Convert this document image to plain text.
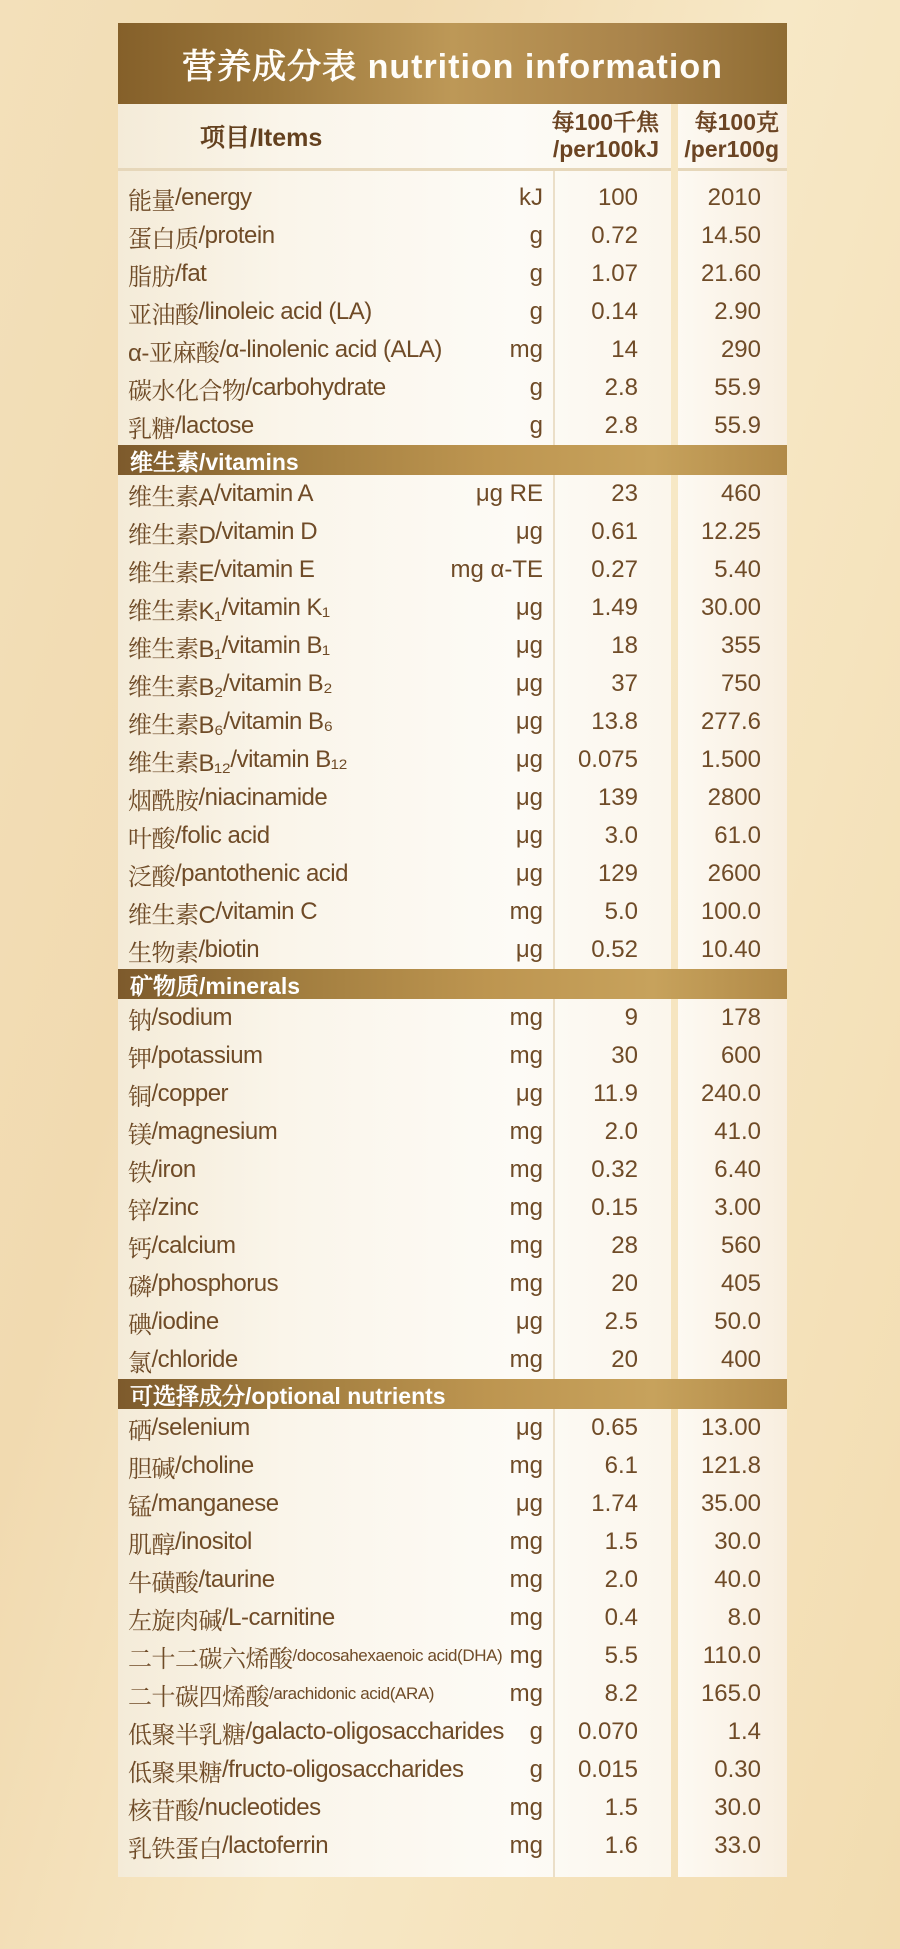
营养成分表 nutrition information
项目/Items
每100千焦
/per100kJ
每100克
/per100g
能量 /energy	kJ 100	2010
蛋白质 /protein	g 0.72	14.50
脂肪 /fat	g 1.07	21.60
亚油酸 /linoleic acid (LA)	g 0.14	2.90
α-亚麻酸 /α-linolenic acid (ALA)	mg	14	290
碳水化合物 /carbohydrate	g	2.8	55.9
乳糖 /lactose	g	2.8	55.9
维生素/vitamins
维生素A /vitamin A	μg RE	23	460
维生素D /vitamin D	μg 0.61	12.25
维生素E /vitamin E	mg α-TE 0.27	5.40
维生素K₁ /vitamin K₁	μg 1.49	30.00
维生素B₁ /vitamin B₁	μg	18	355
维生素B₂ /vitamin B₂	μg	37	750
维生素B₆ /vitamin B₆	μg 13.8	277.6
维生素B₁₂ /vitamin B₁₂	μg 0.075	1.500
烟酰胺 /niacinamide	μg 139	2800
叶酸 /folic acid	μg	3.0	61.0
泛酸 /pantothenic acid	μg 129	2600
维生素C /vitamin C	mg	5.0	100.0
生物素 /biotin	μg 0.52	10.40
矿物质/minerals
钠 /sodium	mg	9	178
钾 /potassium	mg	30	600
铜 /copper	μg 11.9	240.0
镁 /magnesium	mg	2.0	41.0
铁 /iron	mg 0.32	6.40
锌 /zinc	mg 0.15	3.00
钙 /calcium	mg	28	560
磷 /phosphorus	mg	20	405
碘 /iodine	μg	2.5	50.0
氯 /chloride	mg	20	400
可选择成分/optional nutrients
硒 /selenium	μg 0.65	13.00
胆碱 /choline	mg	6.1	121.8
锰 /manganese	μg 1.74	35.00
肌醇 /inositol	mg	1.5	30.0
牛磺酸 /taurine	mg	2.0	40.0
左旋肉碱 /L-carnitine	mg	0.4	8.0
二十二碳六烯酸 /docosahexaenoic acid(DHA) mg	5.5	110.0
二十碳四烯酸 /arachidonic acid(ARA)	mg	8.2	165.0
低聚半乳糖 /galacto-oligosaccharides g 0.070	1.4
低聚果糖 /fructo-oligosaccharides	g 0.015	0.30
核苷酸 /nucleotides	mg	1.5	30.0
乳铁蛋白 /lactoferrin	mg	1.6	33.0
